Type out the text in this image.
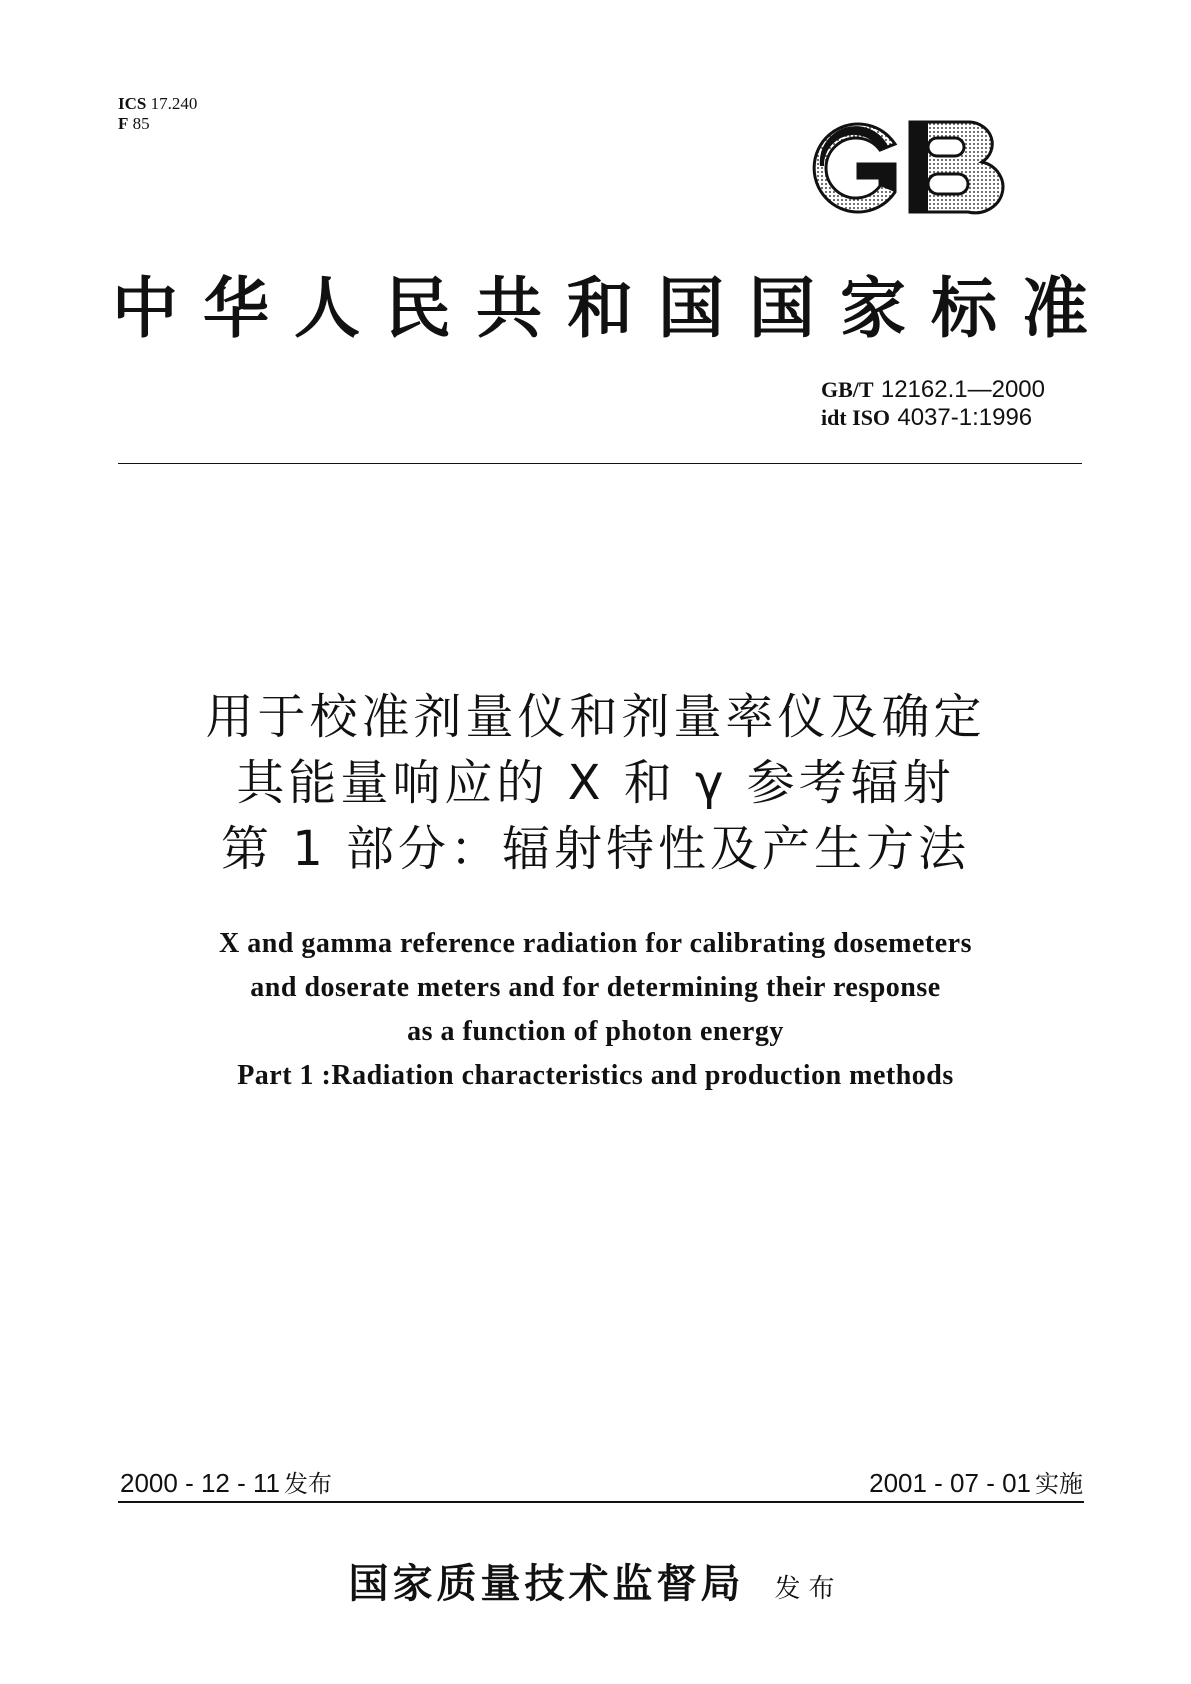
ICS 17.240
F 85
中 华 人 民 共 和 国 国 家 标 准
GB/T 12162.1—2000
idt ISO 4037-1:1996
用于校准剂量仪和剂量率仪及确定
其能量响应的 X 和 γ 参考辐射
第 1 部分：辐射特性及产生方法
X and gamma reference radiation for calibrating dosemeters
and doserate meters and for determining their response
as a function of photon energy
Part 1 :Radiation characteristics and production methods
2000 - 12 - 11 发布	2001 - 07 - 01 实施
国家质量技术监督局 发布
